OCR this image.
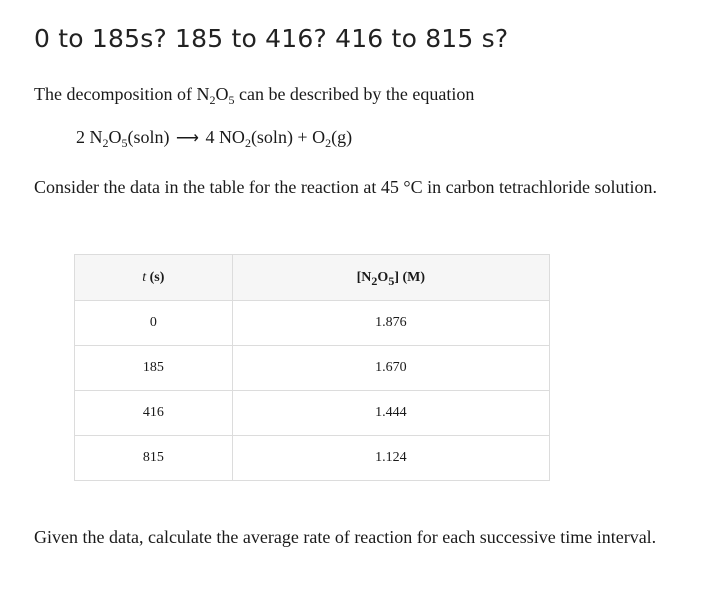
0 to 185s? 185 to 416? 416 to 815 s?
The decomposition of $N_2O_5$ can be described by the equation
2 $N_2O_5(soln)$ ⟶ 4 $NO_2(soln) + O_2(g)$
Consider the data in the table for the reaction at 45 °C in carbon tetrachloride solution.
t (s)	$[N_2O_5]$ (M)
0	1.876
185	1.670
416	1.444
815	1.124
Given the data, calculate the average rate of reaction for each successive time interval.
